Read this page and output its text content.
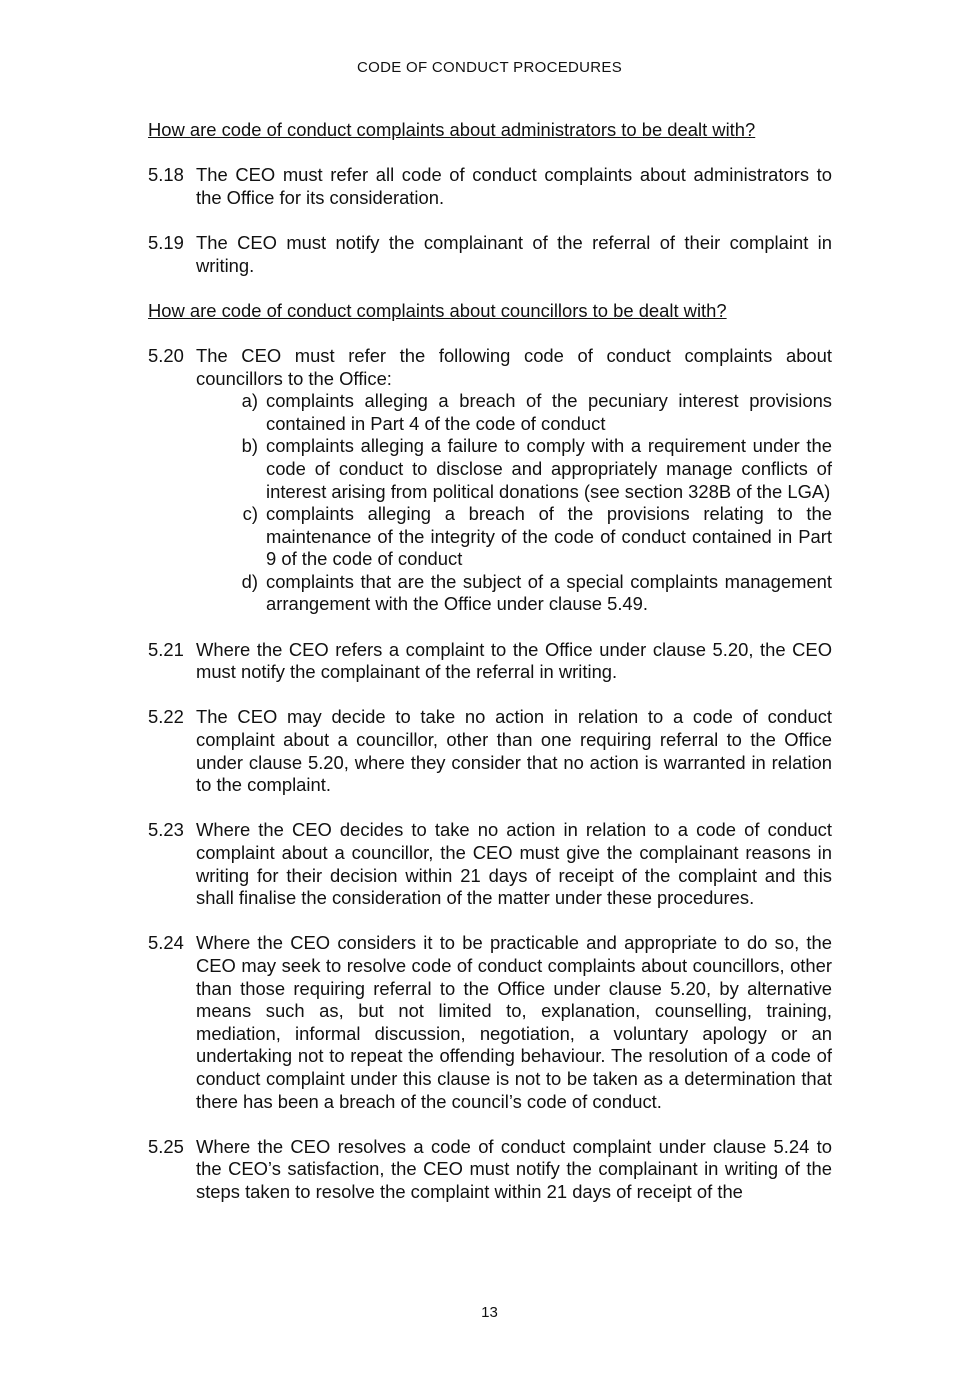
CODE OF CONDUCT PROCEDURES

How are code of conduct complaints about administrators to be dealt with?

5.18 The CEO must refer all code of conduct complaints about administrators to the Office for its consideration.
5.19 The CEO must notify the complainant of the referral of their complaint in writing.

How are code of conduct complaints about councillors to be dealt with?

5.20 The CEO must refer the following code of conduct complaints about councillors to the Office:
a) complaints alleging a breach of the pecuniary interest provisions contained in Part 4 of the code of conduct
b) complaints alleging a failure to comply with a requirement under the code of conduct to disclose and appropriately manage conflicts of interest arising from political donations (see section 328B of the LGA)
c) complaints alleging a breach of the provisions relating to the maintenance of the integrity of the code of conduct contained in Part 9 of the code of conduct
d) complaints that are the subject of a special complaints management arrangement with the Office under clause 5.49.
5.21 Where the CEO refers a complaint to the Office under clause 5.20, the CEO must notify the complainant of the referral in writing.
5.22 The CEO may decide to take no action in relation to a code of conduct complaint about a councillor, other than one requiring referral to the Office under clause 5.20, where they consider that no action is warranted in relation to the complaint.
5.23 Where the CEO decides to take no action in relation to a code of conduct complaint about a councillor, the CEO must give the complainant reasons in writing for their decision within 21 days of receipt of the complaint and this shall finalise the consideration of the matter under these procedures.
5.24 Where the CEO considers it to be practicable and appropriate to do so, the CEO may seek to resolve code of conduct complaints about councillors, other than those requiring referral to the Office under clause 5.20, by alternative means such as, but not limited to, explanation, counselling, training, mediation, informal discussion, negotiation, a voluntary apology or an undertaking not to repeat the offending behaviour. The resolution of a code of conduct complaint under this clause is not to be taken as a determination that there has been a breach of the council’s code of conduct.
5.25 Where the CEO resolves a code of conduct complaint under clause 5.24 to the CEO’s satisfaction, the CEO must notify the complainant in writing of the steps taken to resolve the complaint within 21 days of receipt of the
13
